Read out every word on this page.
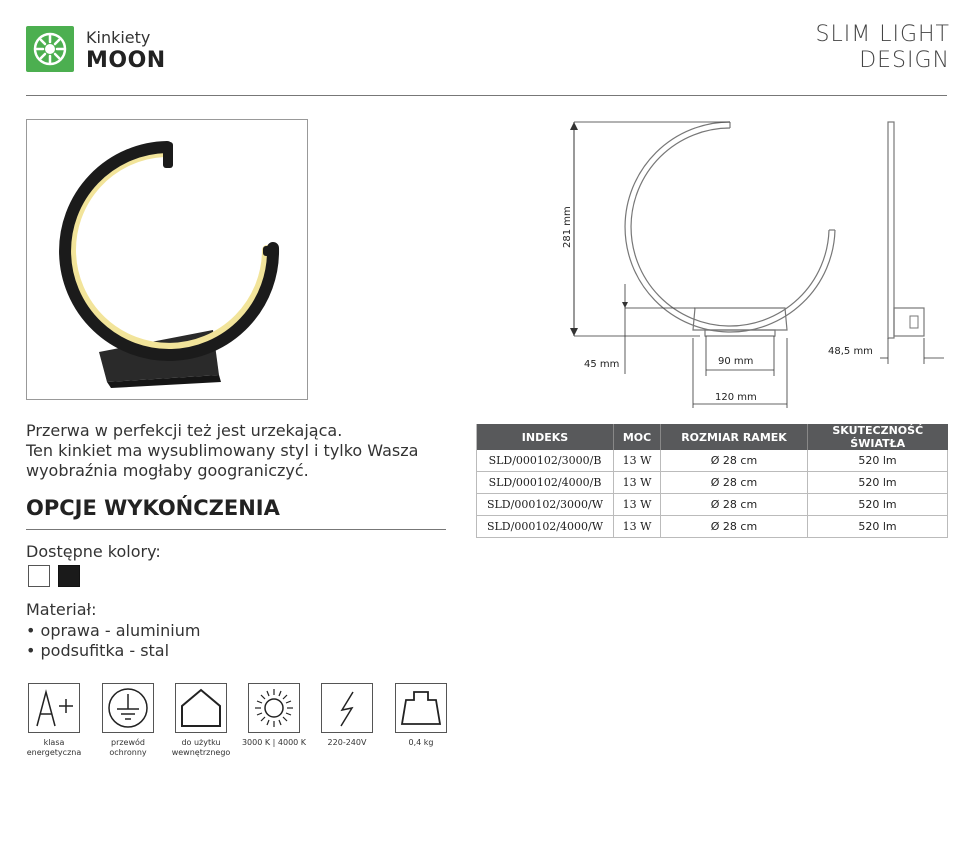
Kinkiety
MOON
SLIM LIGHT
DESIGN
Przerwa w perfekcji też jest urzekająca.
Ten kinkiet ma wysublimowany styl i tylko Wasza
wyobraźnia mogłaby goograniczyć.
OPCJE WYKOŃCZENIA
Dostępne kolory:
Materiał:
• oprawa - aluminium
• podsufitka - stal
klasa
energetyczna
przewód
ochronny
do użytku
wewnętrznego
3000 K | 4000 K	220-240V	0,4 kg
281 mm
45 mm	90 mm
120 mm
48,5 mm
INDEKS	MOC	ROZMIAR RAMEK	SKUTECZNOŚĆ ŚWIATŁA
SLD/000102/3000/B	13 W	Ø 28 cm	520 lm
SLD/000102/4000/B	13 W	Ø 28 cm	520 lm
SLD/000102/3000/W	13 W	Ø 28 cm	520 lm
SLD/000102/4000/W	13 W	Ø 28 cm	520 lm
